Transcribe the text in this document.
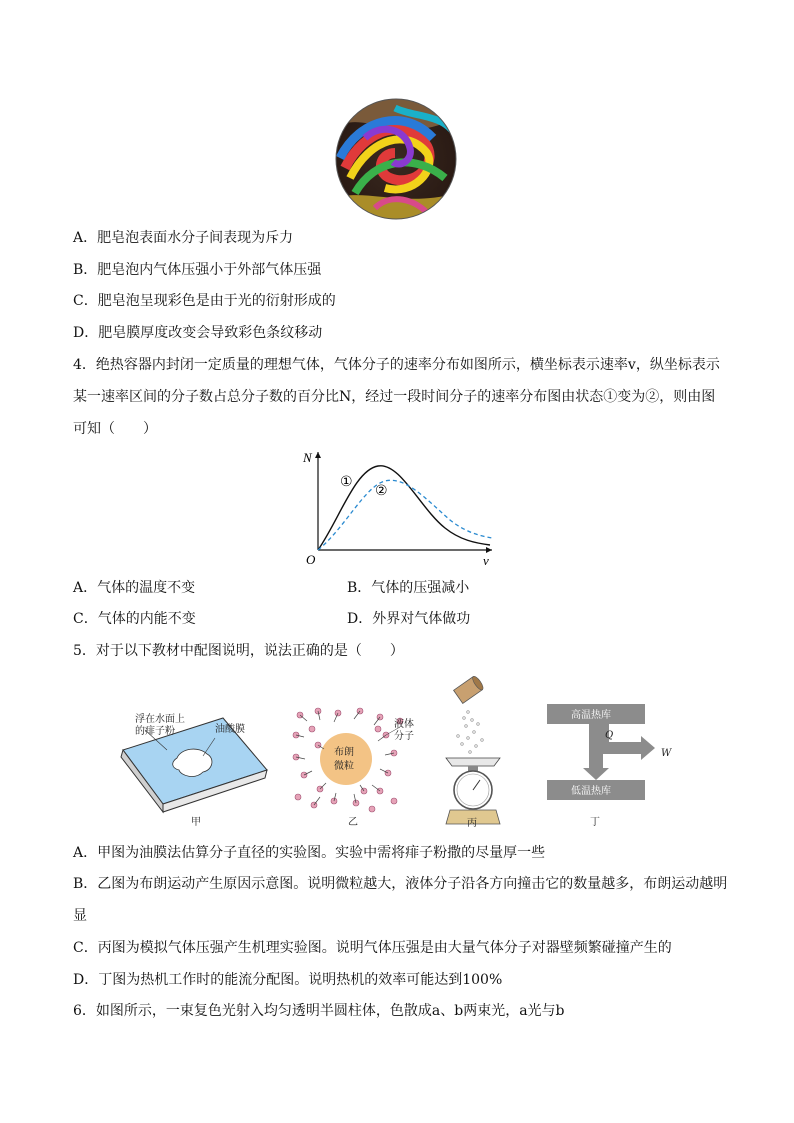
A．肥皂泡表面水分子间表现为斥力
B．肥皂泡内气体压强小于外部气体压强
C．肥皂泡呈现彩色是由于光的衍射形成的
D．肥皂膜厚度改变会导致彩色条纹移动
4．绝热容器内封闭一定质量的理想气体，气体分子的速率分布如图所示，横坐标表示速率v，纵坐标表示
某一速率区间的分子数占总分子数的百分比N，经过一段时间分子的速率分布图由状态①变为②，则由图
可知（　　）
N
v
O
①
②
A．气体的温度不变	B．气体的压强减小
C．气体的内能不变	D．外界对气体做功
5．对于以下教材中配图说明，说法正确的是（　　）
浮在水面上
的痱子粉	油酸膜
甲
布朗
微粒
液体
分子
乙	丙
高温热库
低温热库
Q
W
丁
A．甲图为油膜法估算分子直径的实验图。实验中需将痱子粉撒的尽量厚一些
B．乙图为布朗运动产生原因示意图。说明微粒越大，液体分子沿各方向撞击它的数量越多，布朗运动越明
显
C．丙图为模拟气体压强产生机理实验图。说明气体压强是由大量气体分子对器壁频繁碰撞产生的
D．丁图为热机工作时的能流分配图。说明热机的效率可能达到100%
6．如图所示，一束复色光射入均匀透明半圆柱体，色散成a、b两束光，a光与b
